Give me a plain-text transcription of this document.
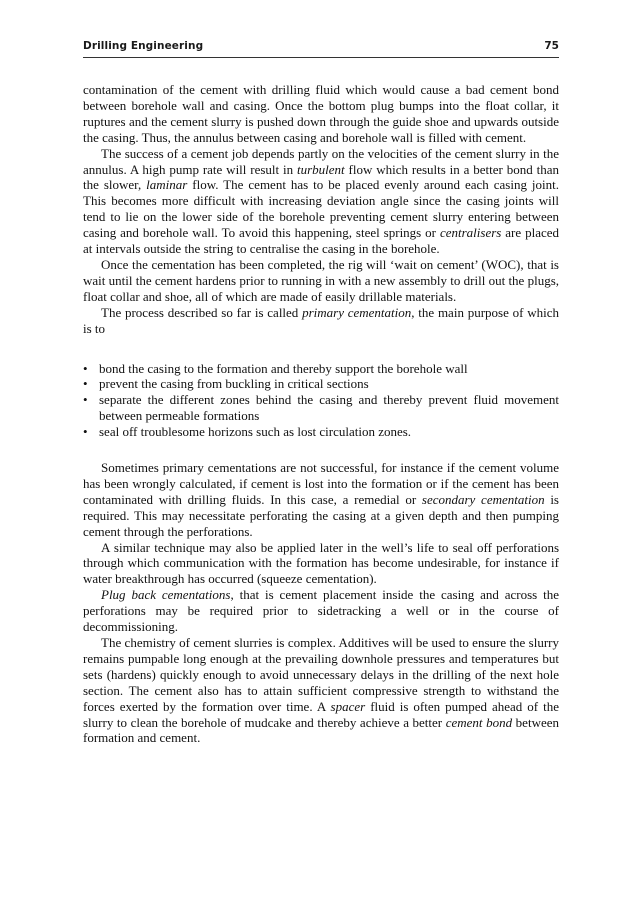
Drilling Engineering	75

contamination of the cement with drilling fluid which would cause a bad cement bond between borehole wall and casing. Once the bottom plug bumps into the float collar, it ruptures and the cement slurry is pushed down through the guide shoe and upwards outside the casing. Thus, the annulus between casing and borehole wall is filled with cement.

The success of a cement job depends partly on the velocities of the cement slurry in the annulus. A high pump rate will result in turbulent flow which results in a better bond than the slower, laminar flow. The cement has to be placed evenly around each casing joint. This becomes more difficult with increasing deviation angle since the casing joints will tend to lie on the lower side of the borehole preventing cement slurry entering between casing and borehole wall. To avoid this happening, steel springs or centralisers are placed at intervals outside the string to centralise the casing in the borehole.

Once the cementation has been completed, the rig will ‘wait on cement’ (WOC), that is wait until the cement hardens prior to running in with a new assembly to drill out the plugs, float collar and shoe, all of which are made of easily drillable materials.

The process described so far is called primary cementation, the main purpose of which is to

• bond the casing to the formation and thereby support the borehole wall
• prevent the casing from buckling in critical sections
• separate the different zones behind the casing and thereby prevent fluid movement between permeable formations
• seal off troublesome horizons such as lost circulation zones.

Sometimes primary cementations are not successful, for instance if the cement volume has been wrongly calculated, if cement is lost into the formation or if the cement has been contaminated with drilling fluids. In this case, a remedial or secondary cementation is required. This may necessitate perforating the casing at a given depth and then pumping cement through the perforations.

A similar technique may also be applied later in the well’s life to seal off perforations through which communication with the formation has become undesirable, for instance if water breakthrough has occurred (squeeze cementation).

Plug back cementations, that is cement placement inside the casing and across the perforations may be required prior to sidetracking a well or in the course of decommissioning.

The chemistry of cement slurries is complex. Additives will be used to ensure the slurry remains pumpable long enough at the prevailing downhole pressures and temperatures but sets (hardens) quickly enough to avoid unnecessary delays in the drilling of the next hole section. The cement also has to attain sufficient compressive strength to withstand the forces exerted by the formation over time. A spacer fluid is often pumped ahead of the slurry to clean the borehole of mudcake and thereby achieve a better cement bond between formation and cement.
